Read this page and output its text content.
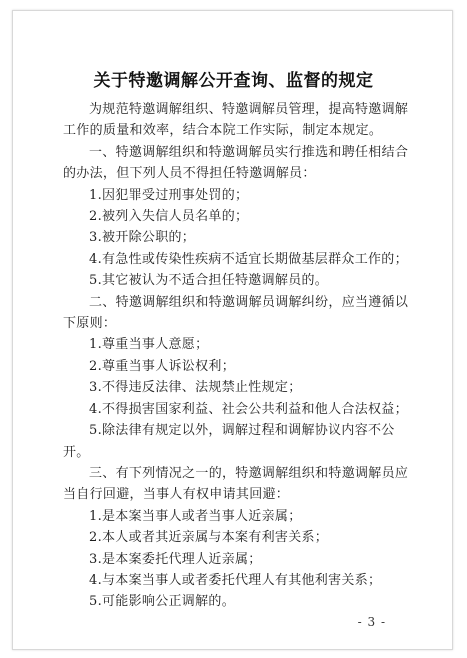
关于特邀调解公开查询、监督的规定

为规范特邀调解组织、特邀调解员管理，提高特邀调解工作的质量和效率，结合本院工作实际，制定本规定。

一、特邀调解组织和特邀调解员实行推选和聘任相结合的办法，但下列人员不得担任特邀调解员：

1.因犯罪受过刑事处罚的；

2.被列入失信人员名单的；

3.被开除公职的；

4.有急性或传染性疾病不适宜长期做基层群众工作的；

5.其它被认为不适合担任特邀调解员的。

二、特邀调解组织和特邀调解员调解纠纷，应当遵循以下原则：

1.尊重当事人意愿；

2.尊重当事人诉讼权利；

3.不得违反法律、法规禁止性规定；

4.不得损害国家利益、社会公共利益和他人合法权益；

5.除法律有规定以外，调解过程和调解协议内容不公开。

三、有下列情况之一的，特邀调解组织和特邀调解员应当自行回避，当事人有权申请其回避：

1.是本案当事人或者当事人近亲属；

2.本人或者其近亲属与本案有利害关系；

3.是本案委托代理人近亲属；

4.与本案当事人或者委托代理人有其他利害关系；

5.可能影响公正调解的。

- 3 -
